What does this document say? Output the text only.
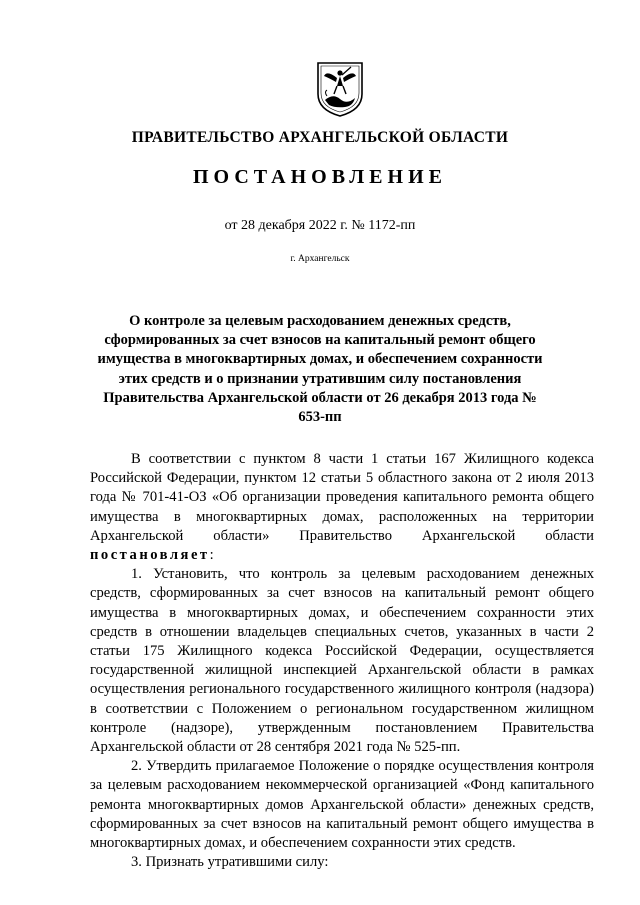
ПРАВИТЕЛЬСТВО АРХАНГЕЛЬСКОЙ ОБЛАСТИ
ПОСТАНОВЛЕНИЕ
от 28 декабря 2022 г. № 1172-пп
г. Архангельск
О контроле за целевым расходованием денежных средств, сформированных за счет взносов на капитальный ремонт общего имущества в многоквартирных домах, и обеспечением сохранности этих средств и о признании утратившим силу постановления Правительства Архангельской области от 26 декабря 2013 года № 653-пп

В соответствии с пунктом 8 части 1 статьи 167 Жилищного кодекса Российской Федерации, пунктом 12 статьи 5 областного закона от 2 июля 2013 года № 701-41-ОЗ «Об организации проведения капитального ремонта общего имущества в многоквартирных домах, расположенных на территории Архангельской области» Правительство Архангельской области постановляет:

1. Установить, что контроль за целевым расходованием денежных средств, сформированных за счет взносов на капитальный ремонт общего имущества в многоквартирных домах, и обеспечением сохранности этих средств в отношении владельцев специальных счетов, указанных в части 2 статьи 175 Жилищного кодекса Российской Федерации, осуществляется государственной жилищной инспекцией Архангельской области в рамках осуществления регионального государственного жилищного контроля (надзора) в соответствии с Положением о региональном государственном жилищном контроле (надзоре), утвержденным постановлением Правительства Архангельской области от 28 сентября 2021 года № 525-пп.

2. Утвердить прилагаемое Положение о порядке осуществления контроля за целевым расходованием некоммерческой организацией «Фонд капитального ремонта многоквартирных домов Архангельской области» денежных средств, сформированных за счет взносов на капитальный ремонт общего имущества в многоквартирных домах, и обеспечением сохранности этих средств.

3. Признать утратившими силу:
